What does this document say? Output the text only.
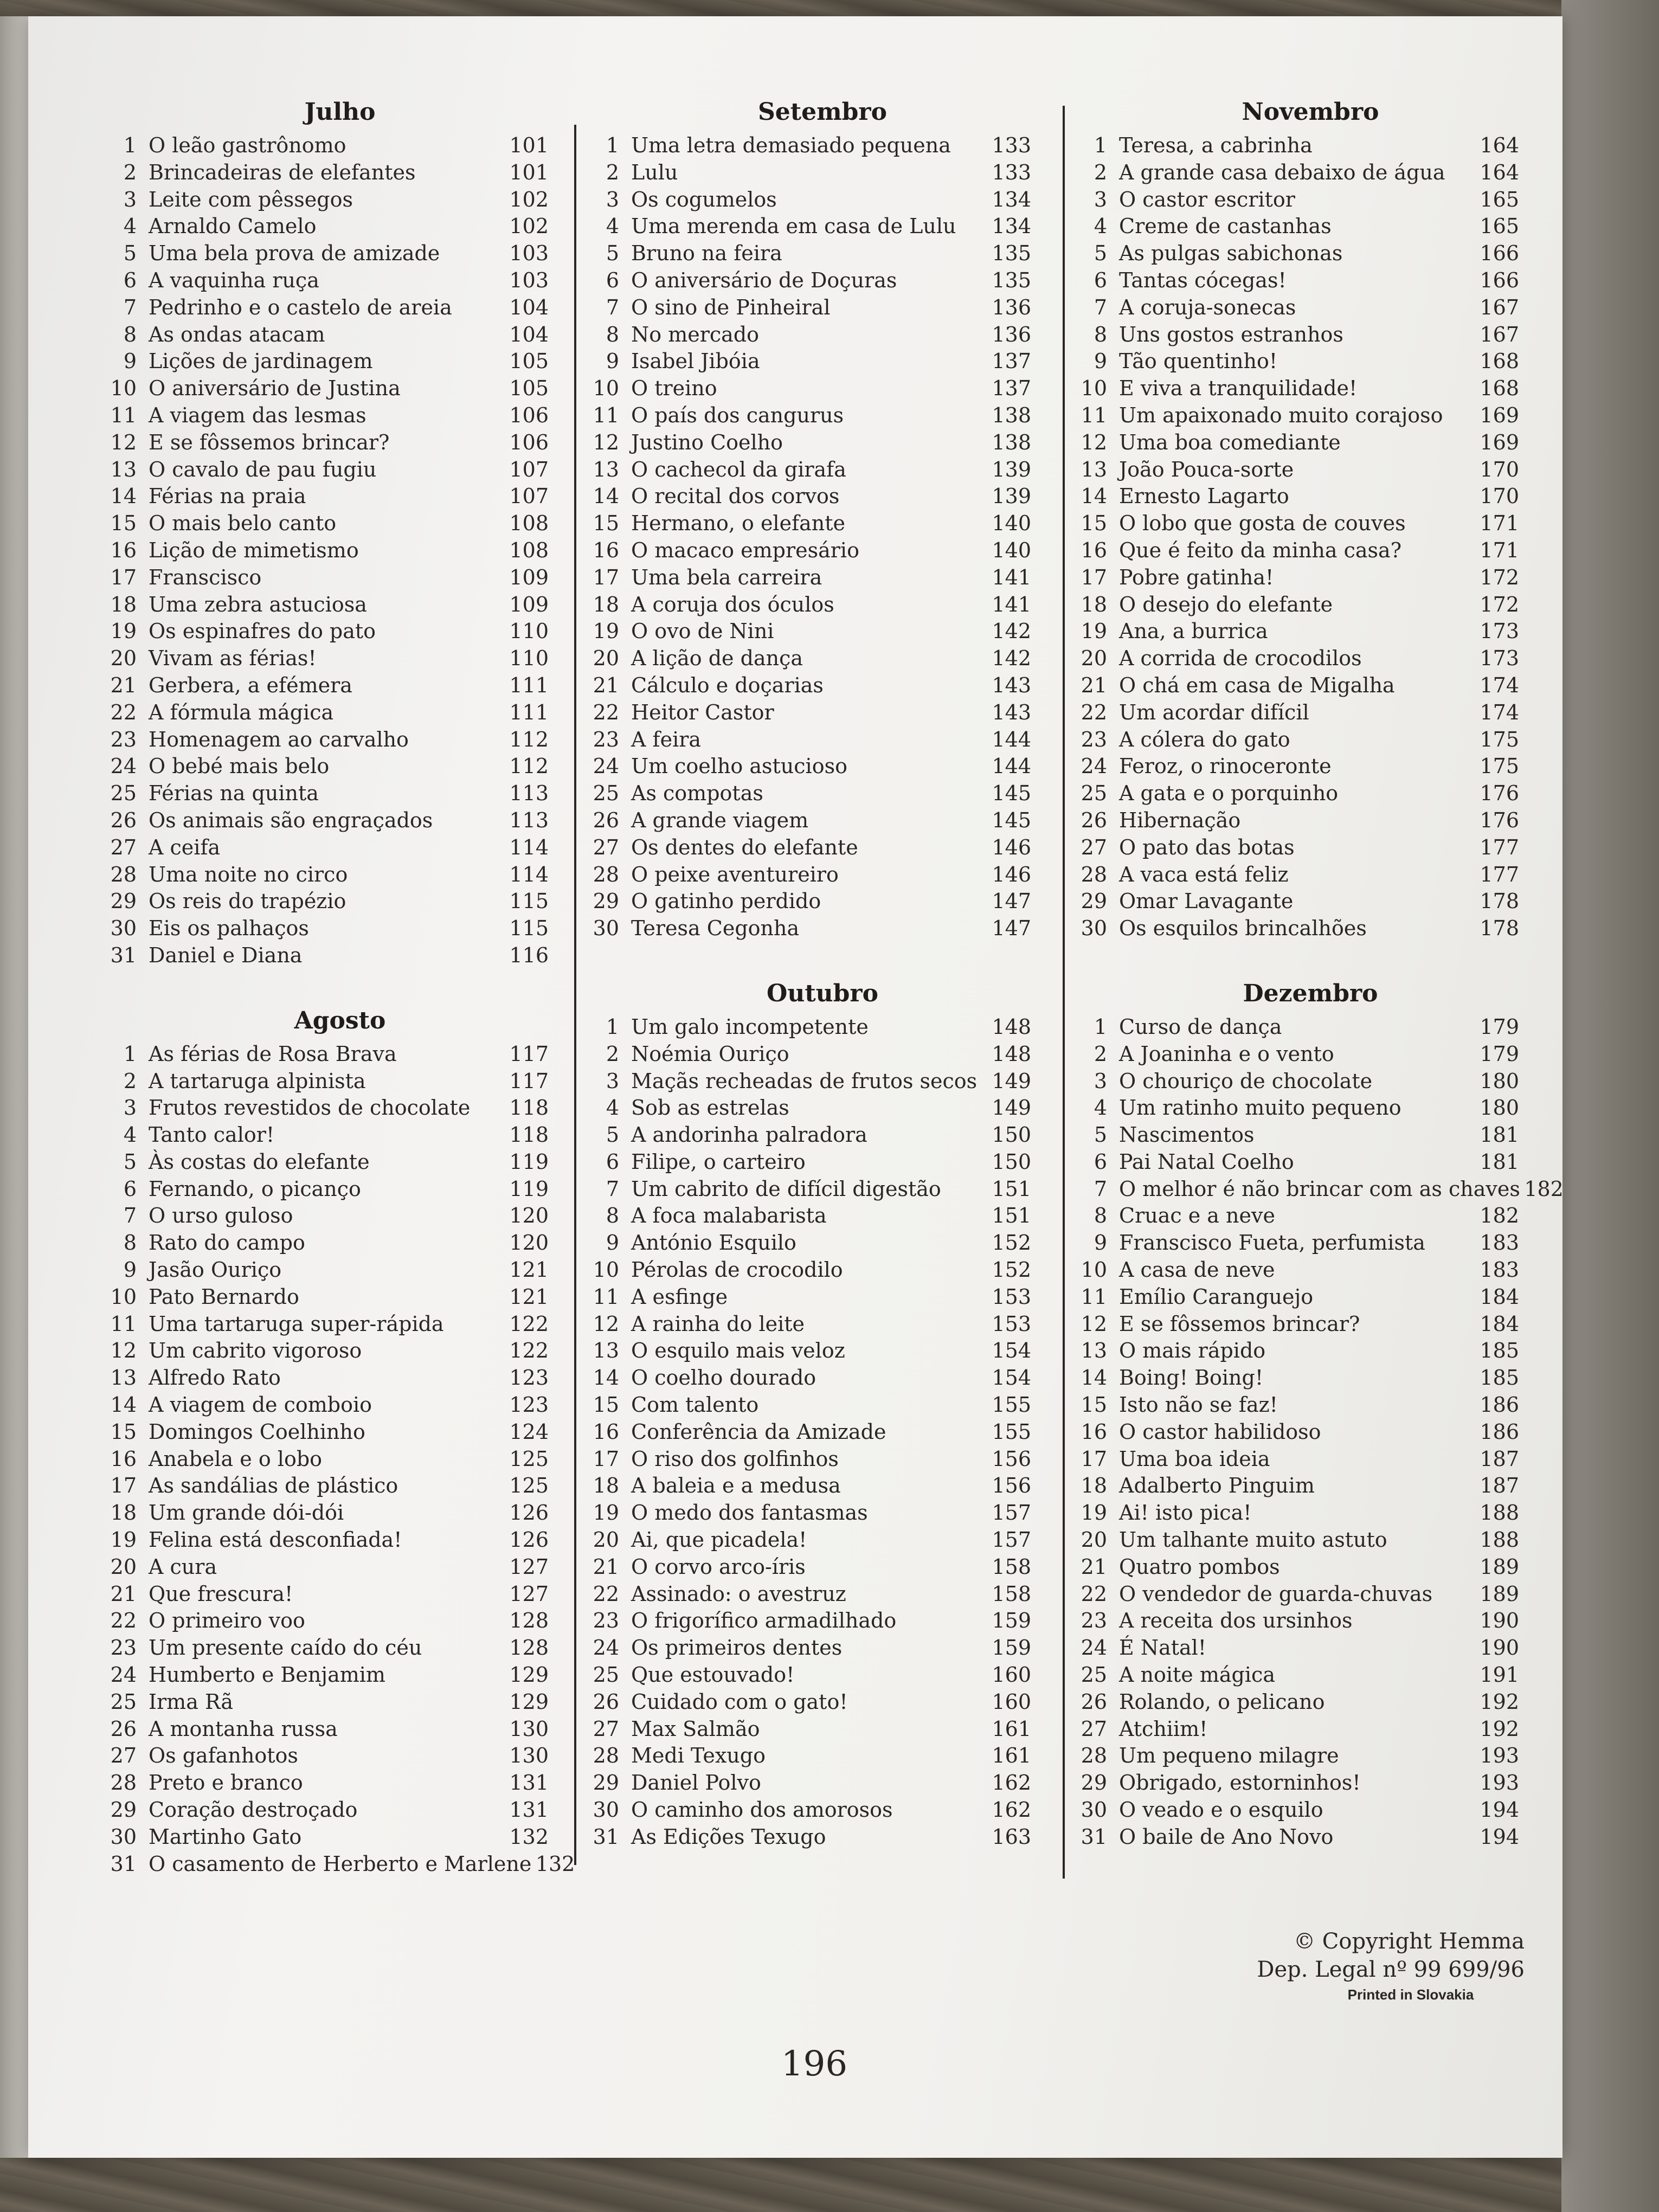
Julho
1 O leão gastrônomo	101
2 Brincadeiras de elefantes	101
3 Leite com pêssegos	102
4 Arnaldo Camelo	102
5 Uma bela prova de amizade	103
6 A vaquinha ruça	103
7 Pedrinho e o castelo de areia	104
8 As ondas atacam	104
9 Lições de jardinagem	105
10 O aniversário de Justina	105
11 A viagem das lesmas	106
12 E se fôssemos brincar?	106
13 O cavalo de pau fugiu	107
14 Férias na praia	107
15 O mais belo canto	108
16 Lição de mimetismo	108
17 Franscisco	109
18 Uma zebra astuciosa	109
19 Os espinafres do pato	110
20 Vivam as férias!	110
21 Gerbera, a efémera	111
22 A fórmula mágica	111
23 Homenagem ao carvalho	112
24 O bebé mais belo	112
25 Férias na quinta	113
26 Os animais são engraçados	113
27 A ceifa	114
28 Uma noite no circo	114
29 Os reis do trapézio	115
30 Eis os palhaços	115
31 Daniel e Diana	116
Agosto
1 As férias de Rosa Brava	117
2 A tartaruga alpinista	117
3 Frutos revestidos de chocolate	118
4 Tanto calor!	118
5 Às costas do elefante	119
6 Fernando, o picanço	119
7 O urso guloso	120
8 Rato do campo	120
9 Jasão Ouriço	121
10 Pato Bernardo	121
11 Uma tartaruga super-rápida	122
12 Um cabrito vigoroso	122
13 Alfredo Rato	123
14 A viagem de comboio	123
15 Domingos Coelhinho	124
16 Anabela e o lobo	125
17 As sandálias de plástico	125
18 Um grande dói-dói	126
19 Felina está desconfiada!	126
20 A cura	127
21 Que frescura!	127
22 O primeiro voo	128
23 Um presente caído do céu	128
24 Humberto e Benjamim	129
25 Irma Rã	129
26 A montanha russa	130
27 Os gafanhotos	130
28 Preto e branco	131
29 Coração destroçado	131
30 Martinho Gato	132
31 O casamento de Herberto e Marlene 132
Setembro
1 Uma letra demasiado pequena	133
2 Lulu	133
3 Os cogumelos	134
4 Uma merenda em casa de Lulu	134
5 Bruno na feira	135
6 O aniversário de Doçuras	135
7 O sino de Pinheiral	136
8 No mercado	136
9 Isabel Jibóia	137
10 O treino	137
11 O país dos cangurus	138
12 Justino Coelho	138
13 O cachecol da girafa	139
14 O recital dos corvos	139
15 Hermano, o elefante	140
16 O macaco empresário	140
17 Uma bela carreira	141
18 A coruja dos óculos	141
19 O ovo de Nini	142
20 A lição de dança	142
21 Cálculo e doçarias	143
22 Heitor Castor	143
23 A feira	144
24 Um coelho astucioso	144
25 As compotas	145
26 A grande viagem	145
27 Os dentes do elefante	146
28 O peixe aventureiro	146
29 O gatinho perdido	147
30 Teresa Cegonha	147
Outubro
1 Um galo incompetente	148
2 Noémia Ouriço	148
3 Maçãs recheadas de frutos secos 149
4 Sob as estrelas	149
5 A andorinha palradora	150
6 Filipe, o carteiro	150
7 Um cabrito de difícil digestão	151
8 A foca malabarista	151
9 António Esquilo	152
10 Pérolas de crocodilo	152
11 A esfinge	153
12 A rainha do leite	153
13 O esquilo mais veloz	154
14 O coelho dourado	154
15 Com talento	155
16 Conferência da Amizade	155
17 O riso dos golfinhos	156
18 A baleia e a medusa	156
19 O medo dos fantasmas	157
20 Ai, que picadela!	157
21 O corvo arco-íris	158
22 Assinado: o avestruz	158
23 O frigorífico armadilhado	159
24 Os primeiros dentes	159
25 Que estouvado!	160
26 Cuidado com o gato!	160
27 Max Salmão	161
28 Medi Texugo	161
29 Daniel Polvo	162
30 O caminho dos amorosos	162
31 As Edições Texugo	163
Novembro
1 Teresa, a cabrinha	164
2 A grande casa debaixo de água	164
3 O castor escritor	165
4 Creme de castanhas	165
5 As pulgas sabichonas	166
6 Tantas cócegas!	166
7 A coruja-sonecas	167
8 Uns gostos estranhos	167
9 Tão quentinho!	168
10 E viva a tranquilidade!	168
11 Um apaixonado muito corajoso	169
12 Uma boa comediante	169
13 João Pouca-sorte	170
14 Ernesto Lagarto	170
15 O lobo que gosta de couves	171
16 Que é feito da minha casa?	171
17 Pobre gatinha!	172
18 O desejo do elefante	172
19 Ana, a burrica	173
20 A corrida de crocodilos	173
21 O chá em casa de Migalha	174
22 Um acordar difícil	174
23 A cólera do gato	175
24 Feroz, o rinoceronte	175
25 A gata e o porquinho	176
26 Hibernação	176
27 O pato das botas	177
28 A vaca está feliz	177
29 Omar Lavagante	178
30 Os esquilos brincalhões	178
Dezembro
1 Curso de dança	179
2 A Joaninha e o vento	179
3 O chouriço de chocolate	180
4 Um ratinho muito pequeno	180
5 Nascimentos	181
6 Pai Natal Coelho	181
7 O melhor é não brincar com as chaves 182
8 Cruac e a neve	182
9 Franscisco Fueta, perfumista	183
10 A casa de neve	183
11 Emílio Caranguejo	184
12 E se fôssemos brincar?	184
13 O mais rápido	185
14 Boing! Boing!	185
15 Isto não se faz!	186
16 O castor habilidoso	186
17 Uma boa ideia	187
18 Adalberto Pinguim	187
19 Ai! isto pica!	188
20 Um talhante muito astuto	188
21 Quatro pombos	189
22 O vendedor de guarda-chuvas	189
23 A receita dos ursinhos	190
24 É Natal!	190
25 A noite mágica	191
26 Rolando, o pelicano	192
27 Atchiim!	192
28 Um pequeno milagre	193
29 Obrigado, estorninhos!	193
30 O veado e o esquilo	194
31 O baile de Ano Novo	194
© Copyright Hemma
Dep. Legal nº 99 699/96
Printed in Slovakia
196
